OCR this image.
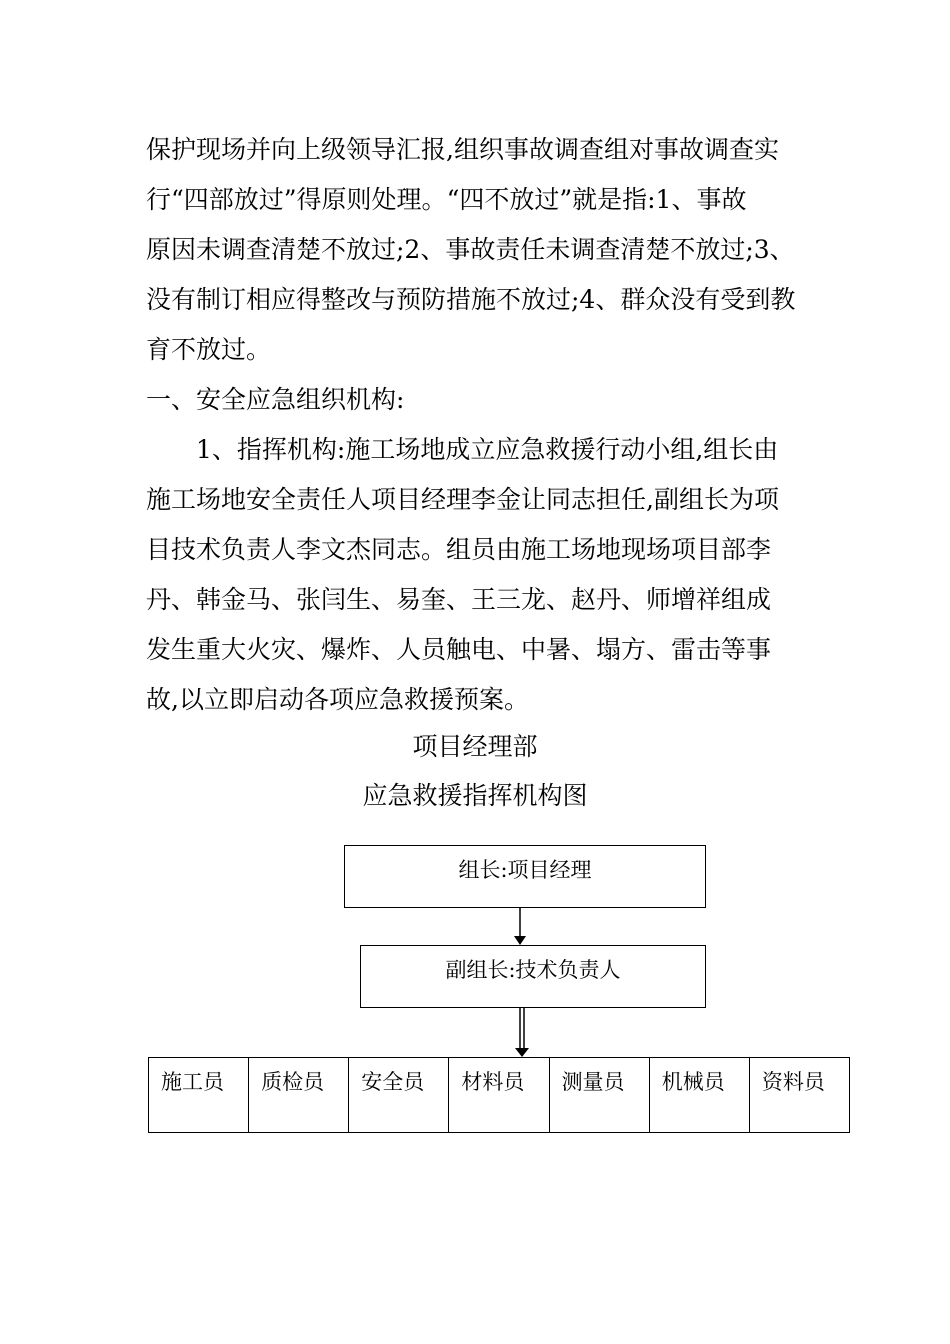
保护现场并向上级领导汇报,组织事故调查组对事故调查实

行“四部放过”得原则处理。“四不放过”就是指:1、事故

原因未调查清楚不放过;2、事故责任未调查清楚不放过;3、

没有制订相应得整改与预防措施不放过;4、群众没有受到教

育不放过。

一、安全应急组织机构:

1、指挥机构:施工场地成立应急救援行动小组,组长由

施工场地安全责任人项目经理李金让同志担任,副组长为项

目技术负责人李文杰同志。组员由施工场地现场项目部李

丹、韩金马、张闫生、易奎、王三龙、赵丹、师增祥组成

发生重大火灾、爆炸、人员触电、中暑、塌方、雷击等事

故,以立即启动各项应急救援预案。

项目经理部

应急救援指挥机构图

组长:项目经理
副组长:技术负责人
施工员	质检员	安全员	材料员	测量员	机械员	资料员
